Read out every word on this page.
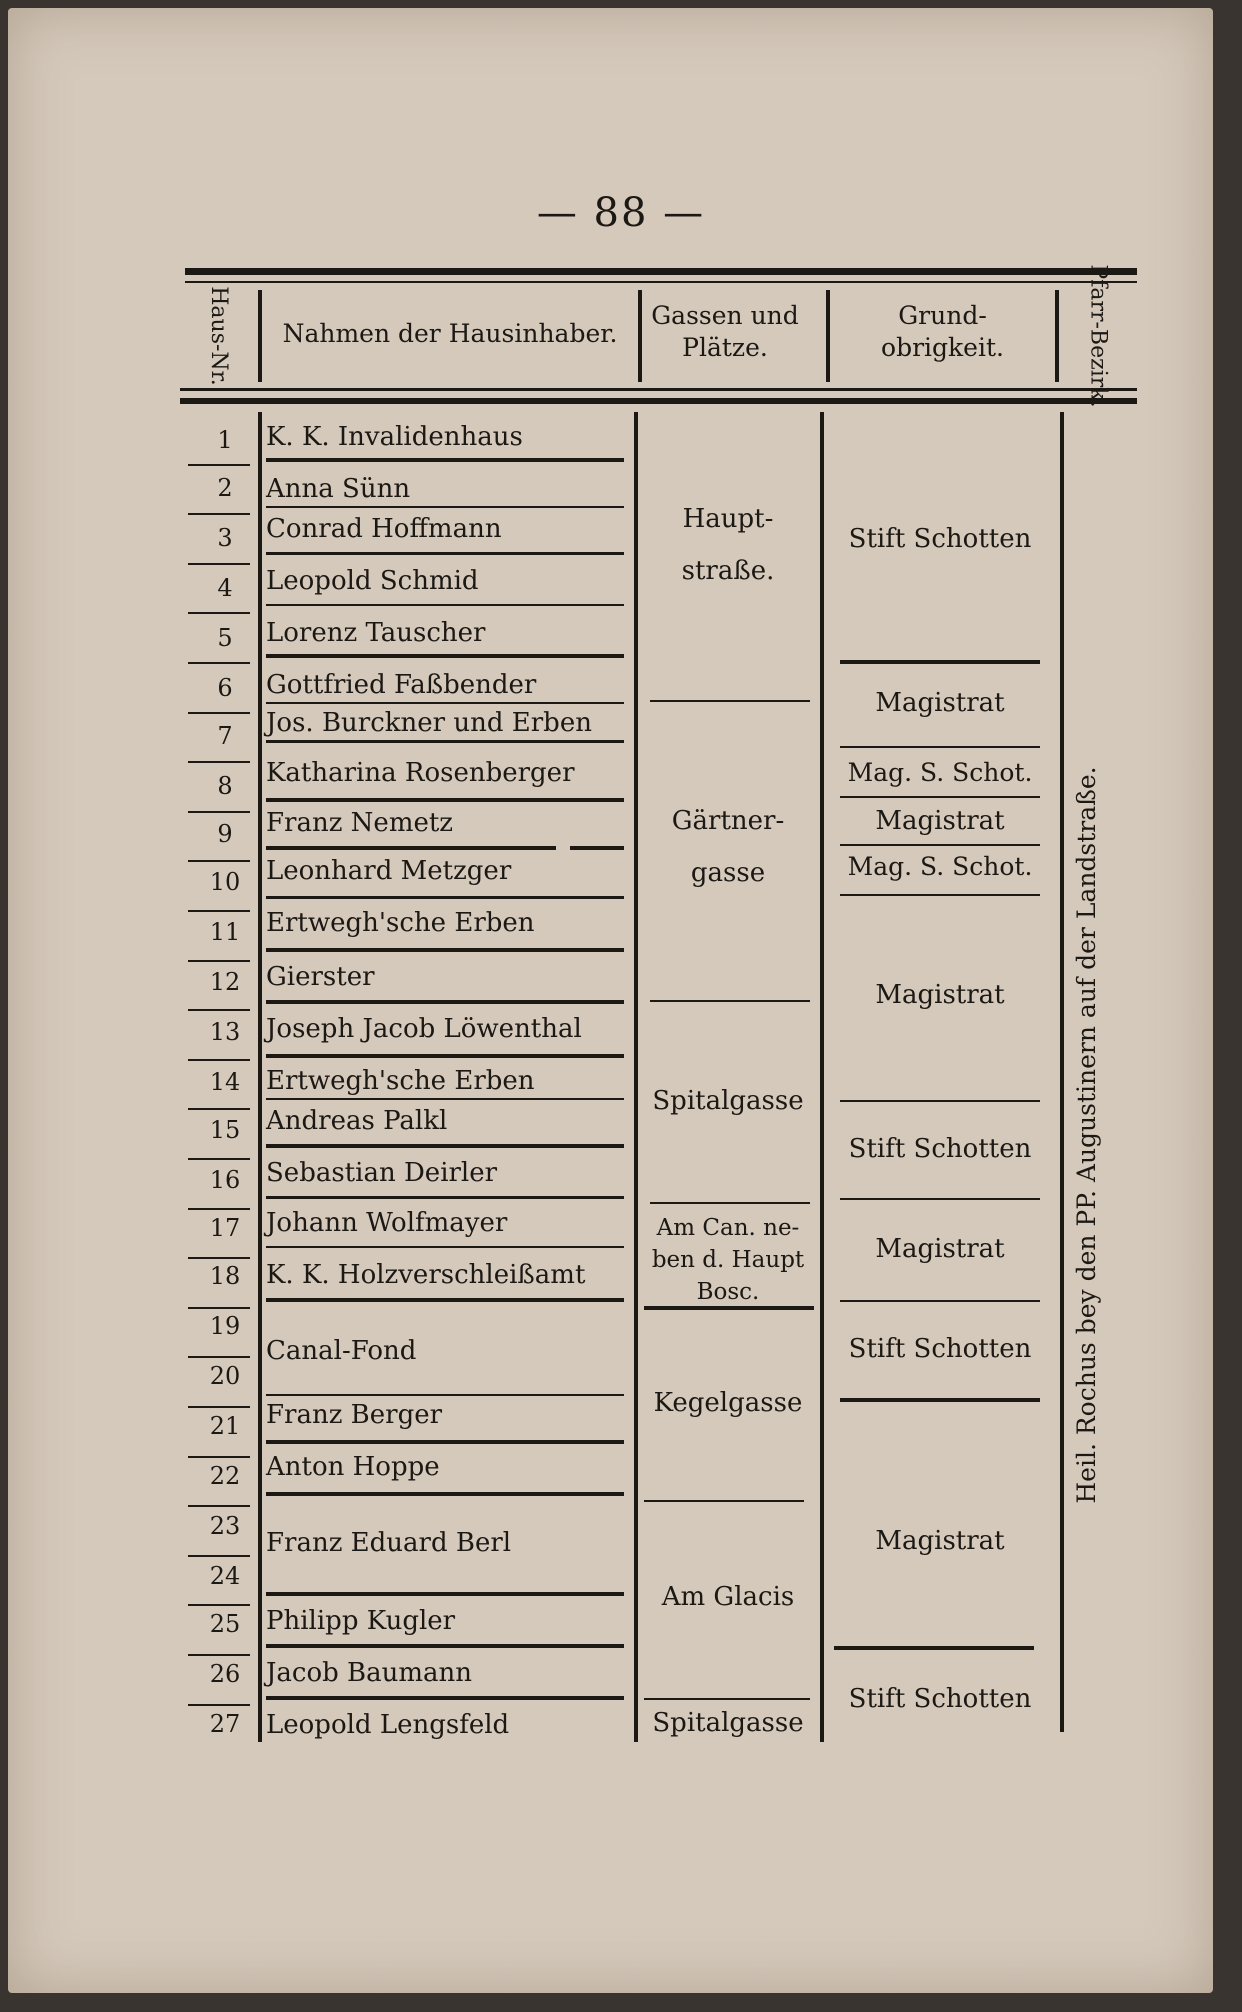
— 88 —
Haus-Nr.	Nahmen der Hausinhaber.
Gassen und Plätze.
Grund-obrigkeit.	Pfarr-Bezirk.
1
2
3
4
5
6
7
8
9
10
11
12
13
14
15
16
17
18
19
20
21
22
23
24
25
26
27
K. K. Invalidenhaus
Anna Sünn
Conrad Hoffmann
Leopold Schmid
Lorenz Tauscher
Gottfried Faßbender
Jos. Burckner und Erben
Katharina Rosenberger
Franz Nemetz
Leonhard Metzger
Ertwegh'sche Erben
Gierster
Joseph Jacob Löwenthal
Ertwegh'sche Erben
Andreas Palkl
Sebastian Deirler
Johann Wolfmayer
K. K. Holzverschleißamt
Canal-Fond
Franz Berger
Anton Hoppe
Franz Eduard Berl
Philipp Kugler
Jacob Baumann
Leopold Lengsfeld
Haupt-
straße.
Gärtner-
gasse
Spitalgasse
Am Can. ne-
ben d. Haupt
Bosc.
Kegelgasse
Am Glacis
Spitalgasse
Stift Schotten
Magistrat
Mag. S. Schot.
Magistrat
Mag. S. Schot.
Magistrat
Stift Schotten
Magistrat
Stift Schotten
Magistrat
Stift Schotten
Heil. Rochus bey den PP. Augustinern auf der Landstraße.
